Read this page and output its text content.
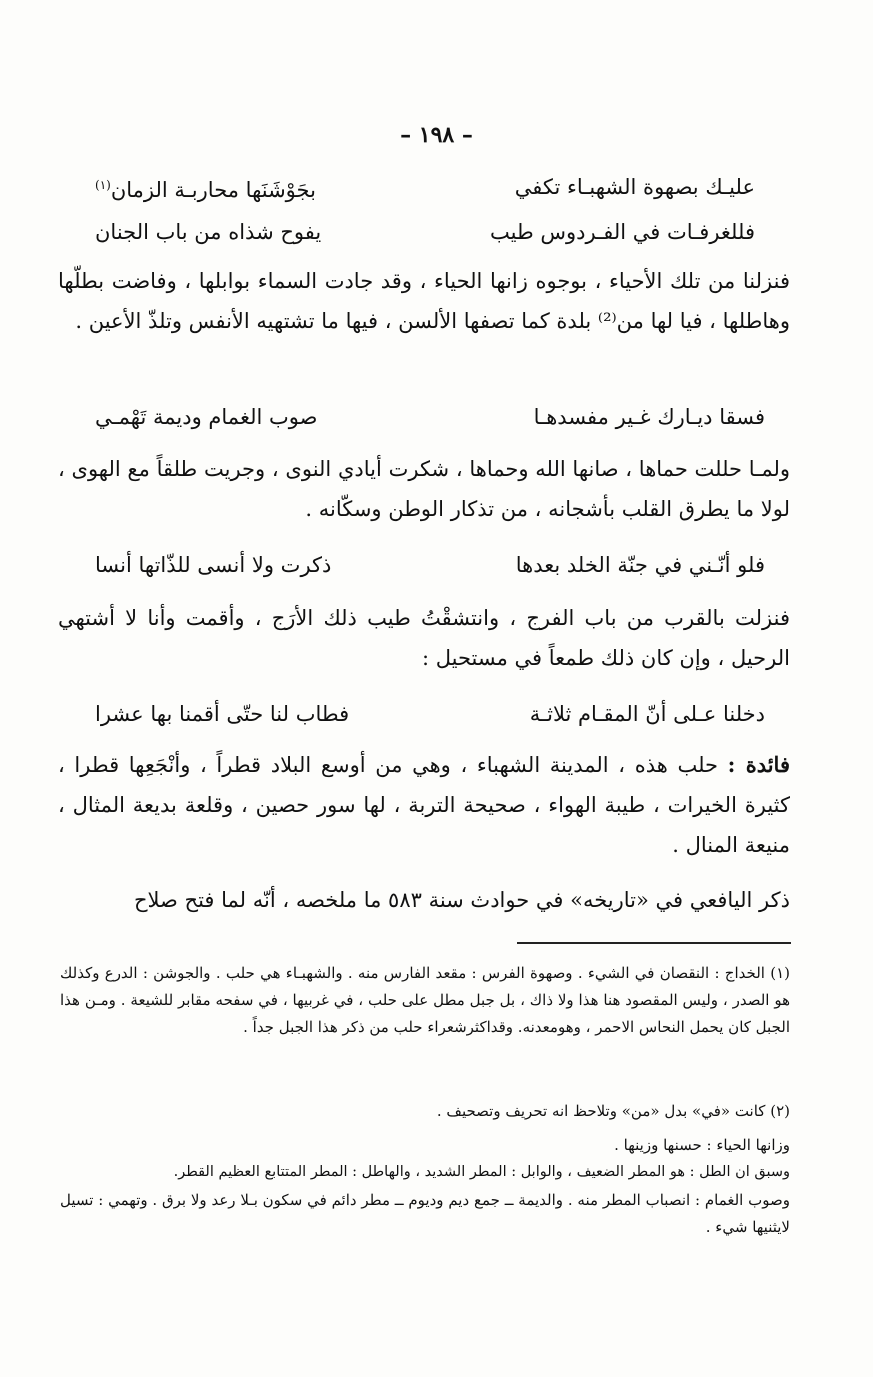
– ١٩٨ –
عليـك بصهوة الشهبـاء تكفي
بجَوْشَنَها محاربـة الزمان$^{(١)}$
فللغرفـات في الفـردوس طيب
يفوح شذاه من باب الجنان
فنزلنا من تلك الأحياء ، بوجوه زانها الحياء ، وقد جادت السماء بوابلها ، وفاضت بطلّها وهاطلها ، فيا لها من⁽²⁾ بلدة كما تصفها الألسن ، فيها ما تشتهيه الأنفس وتلذّ الأعين .
فسقا ديـارك غـير مفسدهـا
صوب الغمام وديمة تَهْمـي
ولمـا حللت حماها ، صانها الله وحماها ، شكرت أيادي النوى ، وجريت طلقاً مع الهوى ، لولا ما يطرق القلب بأشجانه ، من تذكار الوطن وسكّانه .
فلو أنّـني في جنّة الخلد بعدها
ذكرت ولا أنسى للذّاتها أنسا
فنزلت بالقرب من باب الفرج ، وانتشقْتُ طيب ذلك الأرَج ، وأقمت وأنا لا أشتهي الرحيل ، وإن كان ذلك طمعاً في مستحيل :
دخلنا عـلى أنّ المقـام ثلاثـة
فطاب لنا حتّى أقمنا بها عشرا
فائدة : حلب هذه ، المدينة الشهباء ، وهي من أوسع البلاد قطراً ، وأنْجَعِها قطرا ، كثيرة الخيرات ، طيبة الهواء ، صحيحة التربة ، لها سور حصين ، وقلعة بديعة المثال ، منيعة المنال .
ذكر اليافعي في «تاريخه» في حوادث سنة ٥٨٣ ما ملخصه ، أنّه لما فتح صلاح
(١) الخداج : النقصان في الشيء . وصهوة الفرس : مقعد الفارس منه . والشهبـاء هي حلب . والجوشن : الدرع وكذلك هو الصدر ، وليس المقصود هنا هذا ولا ذاك ، بل جبل مطل على حلب ، في غربيها ، في سفحه مقابر للشيعة . ومـن هذا الجبل كان يحمل النحاس الاحمر ، وهومعدنه. وقداكثرشعراء حلب من ذكر هذا الجبل جداً .
(٢) كانت «في» بدل «من» وتلاحظ انه تحريف وتصحيف .
وزانها الحياء : حسنها وزينها .
وسبق ان الطل : هو المطر الضعيف ، والوابل : المطر الشديد ، والهاطل : المطر المتتابع العظيم القطر.
وصوب الغمام : انصباب المطر منه . والديمة ــ جمع ديم ودیوم ــ مطر دائم في سكون بـلا رعد ولا برق . وتهمي : تسيل لايثنيها شيء .
